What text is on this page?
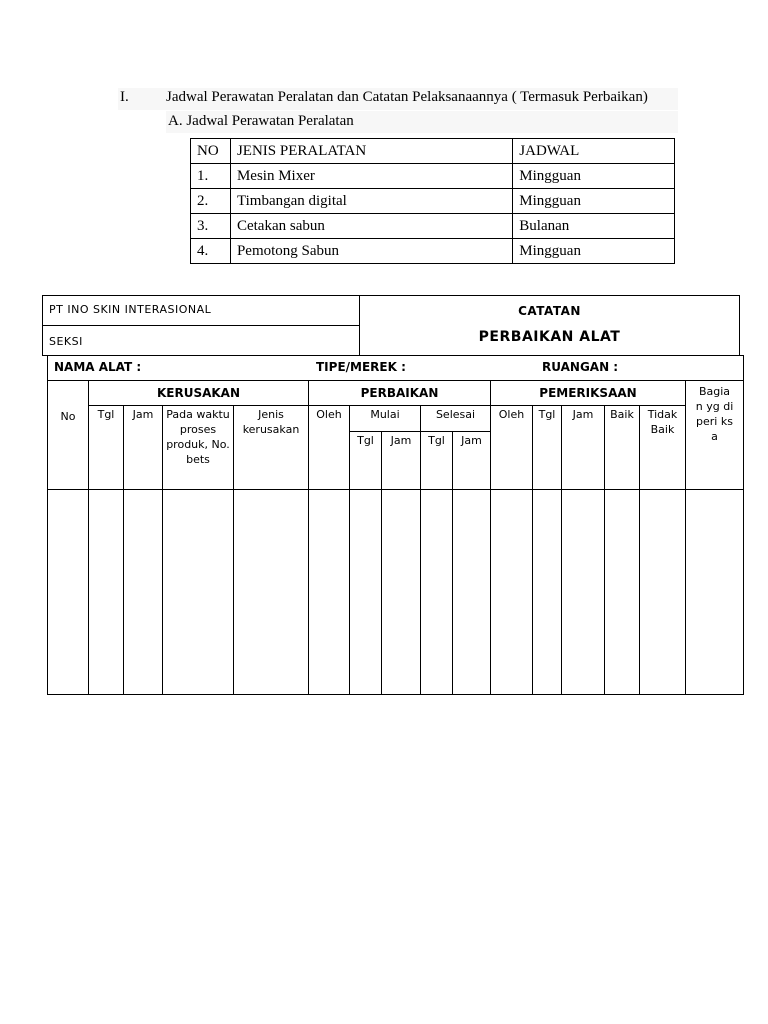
I. Jadwal Perawatan Peralatan dan Catatan Pelaksanaannya ( Termasuk Perbaikan)
A. Jadwal Perawatan Peralatan
NO	JENIS PERALATAN	JADWAL
1.	Mesin Mixer	Mingguan
2.	Timbangan digital	Mingguan
3.	Cetakan sabun	Bulanan
4.	Pemotong Sabun	Mingguan
PT INO SKIN INTERASIONAL
SEKSI
CATATAN
PERBAIKAN ALAT
NAMA ALAT : TIPE/MEREK : RUANGAN :															

No	KERUSAKAN				PERBAIKAN					PEMERIKSAAN					Bagia n yg diperi ksa

	Tgl	Jam	Pada waktu proses produk, No. bets	Jenis kerusakan	Oleh	Mulai		Selesai		Oleh	Tgl	Jam	Baik	Tidak Baik	
						Tgl	Jam	Tgl	Jam						
